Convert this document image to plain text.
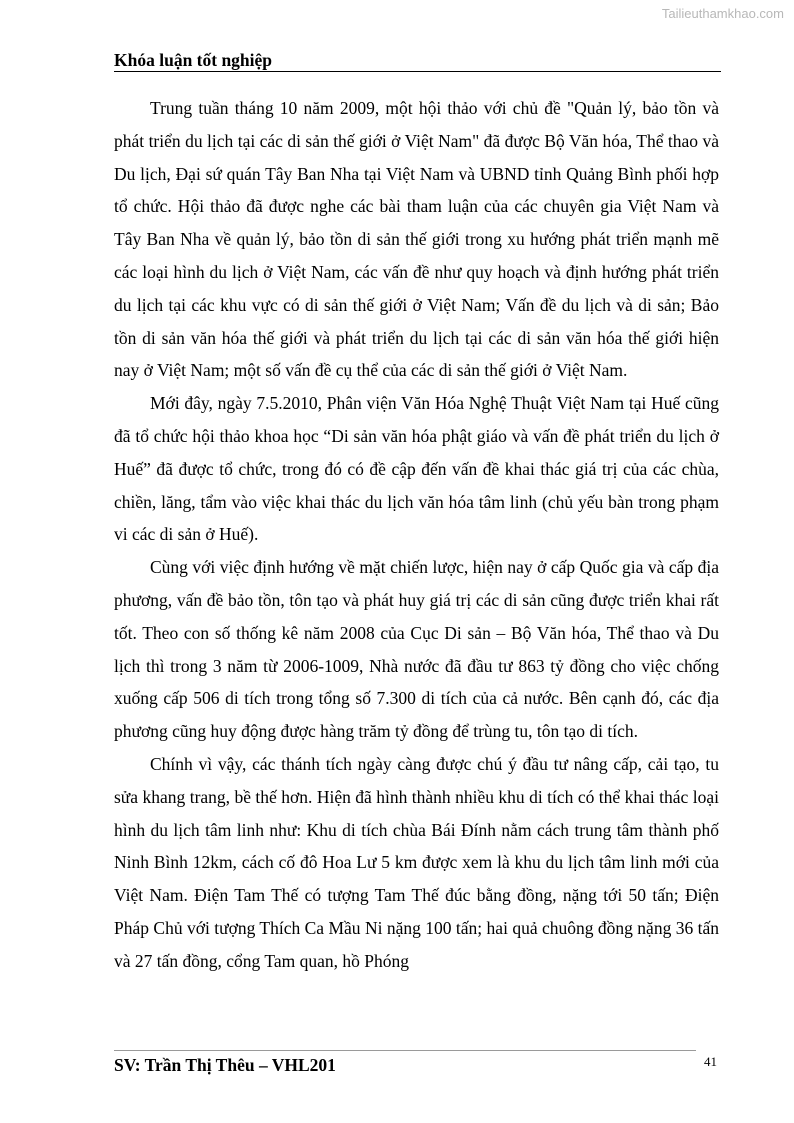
Tailieuthamkhao.com
Khóa luận tốt nghiệp

Trung tuần tháng 10 năm 2009, một hội thảo với chủ đề "Quản lý, bảo tồn và phát triển du lịch tại các di sản thế giới ở Việt Nam" đã được Bộ Văn hóa, Thể thao và Du lịch, Đại sứ quán Tây Ban Nha tại Việt Nam và UBND tỉnh Quảng Bình phối hợp tổ chức. Hội thảo đã được nghe các bài tham luận của các chuyên gia Việt Nam và Tây Ban Nha về quản lý, bảo tồn di sản thế giới trong xu hướng phát triển mạnh mẽ các loại hình du lịch ở Việt Nam, các vấn đề như quy hoạch và định hướng phát triển du lịch tại các khu vực có di sản thế giới ở Việt Nam; Vấn đề du lịch và di sản; Bảo tồn di sản văn hóa thế giới và phát triển du lịch tại các di sản văn hóa thế giới hiện nay ở Việt Nam; một số vấn đề cụ thể của các di sản thế giới ở Việt Nam.

Mới đây, ngày 7.5.2010, Phân viện Văn Hóa Nghệ Thuật Việt Nam tại Huế cũng đã tổ chức hội thảo khoa học “Di sản văn hóa phật giáo và vấn đề phát triển du lịch ở Huế” đã được tổ chức, trong đó có đề cập đến vấn đề khai thác giá trị của các chùa, chiền, lăng, tẩm vào việc khai thác du lịch văn hóa tâm linh (chủ yếu bàn trong phạm vi các di sản ở Huế).

Cùng với việc định hướng về mặt chiến lược, hiện nay ở cấp Quốc gia và cấp địa phương, vấn đề bảo tồn, tôn tạo và phát huy giá trị các di sản cũng được triển khai rất tốt. Theo con số thống kê năm 2008 của Cục Di sản – Bộ Văn hóa, Thể thao và Du lịch thì trong 3 năm từ 2006-1009, Nhà nước đã đầu tư 863 tỷ đồng cho việc chống xuống cấp 506 di tích trong tổng số 7.300 di tích của cả nước. Bên cạnh đó, các địa phương cũng huy động được hàng trăm tỷ đồng để trùng tu, tôn tạo di tích.

Chính vì vậy, các thánh tích ngày càng được chú ý đầu tư nâng cấp, cải tạo, tu sửa khang trang, bề thế hơn. Hiện đã hình thành nhiều khu di tích có thể khai thác loại hình du lịch tâm linh như: Khu di tích chùa Bái Đính nằm cách trung tâm thành phố Ninh Bình 12km, cách cố đô Hoa Lư 5 km được xem là khu du lịch tâm linh mới của Việt Nam. Điện Tam Thế có tượng Tam Thế đúc bằng đồng, nặng tới 50 tấn; Điện Pháp Chủ với tượng Thích Ca Mầu Ni nặng 100 tấn; hai quả chuông đồng nặng 36 tấn và 27 tấn đồng, cổng Tam quan, hồ Phóng

41
SV: Trần Thị Thêu – VHL201
